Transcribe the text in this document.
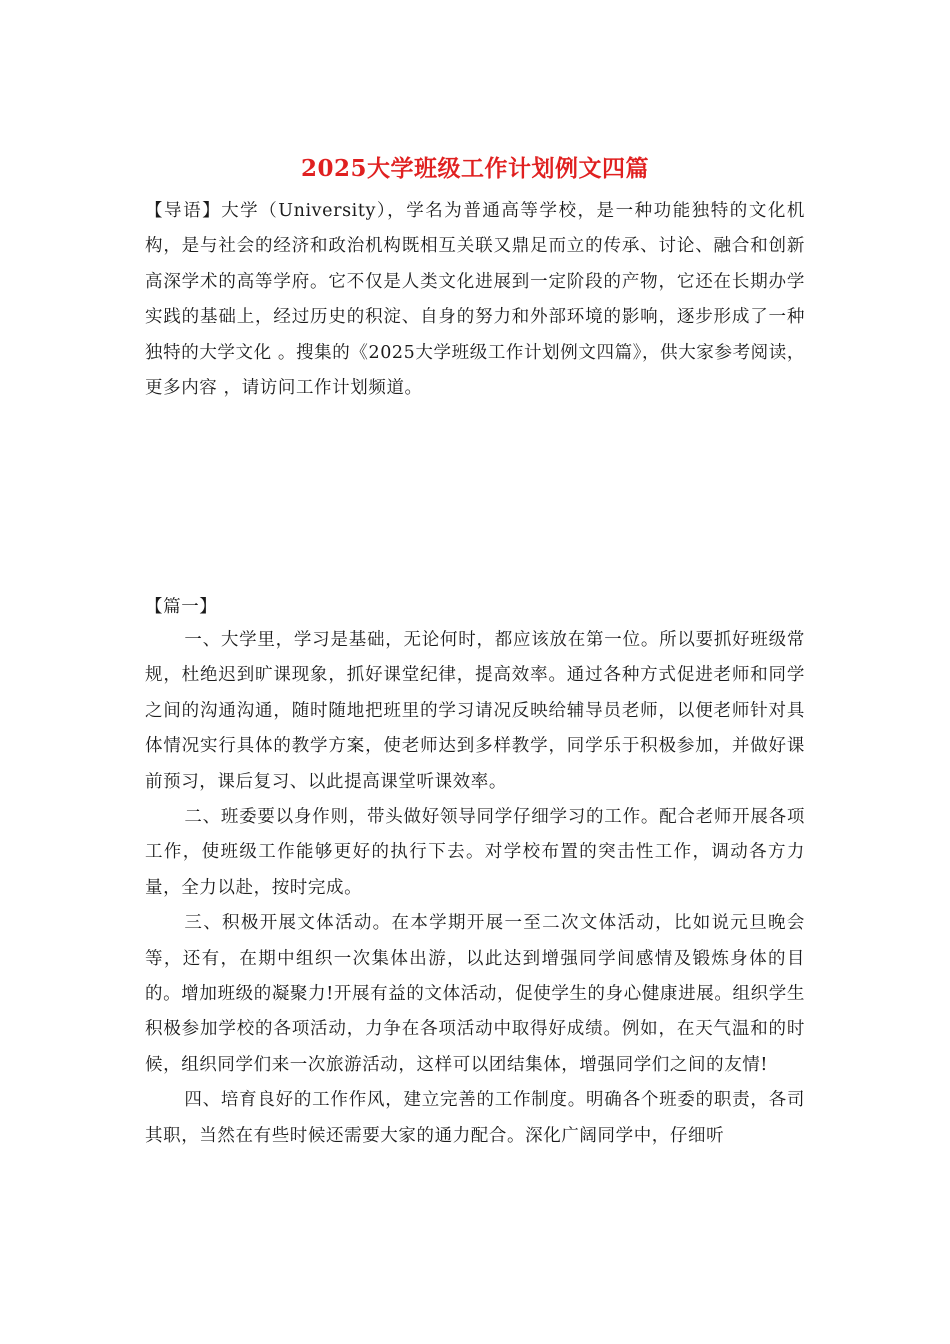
2025大学班级工作计划例文四篇
【导语】大学（University），学名为普通高等学校，是一种功能独特的文化机构，是与社会的经济和政治机构既相互关联又鼎足而立的传承、讨论、融合和创新高深学术的高等学府。它不仅是人类文化进展到一定阶段的产物，它还在长期办学实践的基础上，经过历史的积淀、自身的努力和外部环境的影响，逐步形成了一种独特的大学文化 。搜集的《2025大学班级工作计划例文四篇》，供大家参考阅读，更多内容 ，请访问工作计划频道。
【篇一】

一、大学里，学习是基础，无论何时，都应该放在第一位。所以要抓好班级常规，杜绝迟到旷课现象，抓好课堂纪律，提高效率。通过各种方式促进老师和同学之间的沟通沟通，随时随地把班里的学习请况反映给辅导员老师，以便老师针对具体情况实行具体的教学方案，使老师达到多样教学，同学乐于积极参加，并做好课前预习，课后复习、以此提高课堂听课效率。

二、班委要以身作则，带头做好领导同学仔细学习的工作。配合老师开展各项工作，使班级工作能够更好的执行下去。对学校布置的突击性工作，调动各方力量，全力以赴，按时完成。

三、积极开展文体活动。在本学期开展一至二次文体活动，比如说元旦晚会等，还有，在期中组织一次集体出游，以此达到增强同学间感情及锻炼身体的目的。增加班级的凝聚力!开展有益的文体活动，促使学生的身心健康进展。组织学生积极参加学校的各项活动，力争在各项活动中取得好成绩。例如，在天气温和的时候，组织同学们来一次旅游活动，这样可以团结集体，增强同学们之间的友情!

四、培育良好的工作作风，建立完善的工作制度。明确各个班委的职责，各司其职，当然在有些时候还需要大家的通力配合。深化广阔同学中，仔细听
